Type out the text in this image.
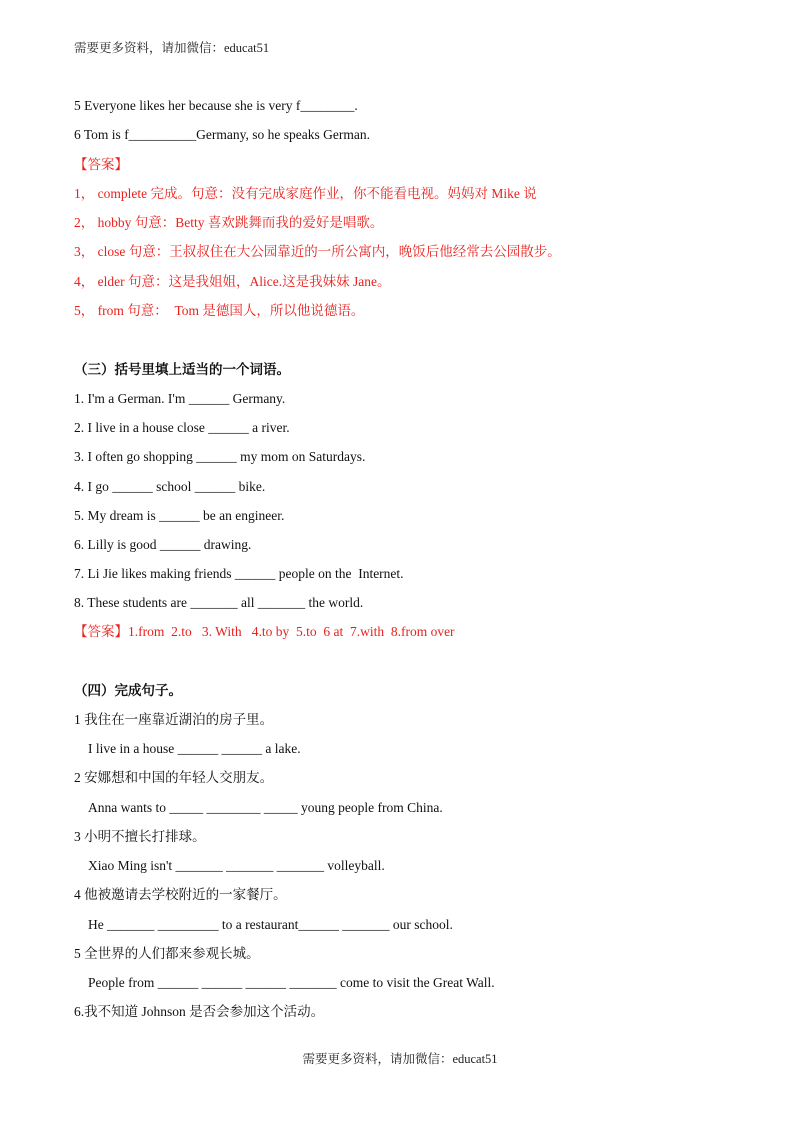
需要更多资料，请加微信：educat51
5 Everyone likes her because she is very f________.
6 Tom is f__________Germany, so he speaks German.
【答案】
1， complete 完成。句意：没有完成家庭作业，你不能看电视。妈妈对 Mike 说
2， hobby 句意：Betty 喜欢跳舞而我的爱好是唱歌。
3， close 句意：王叔叔住在大公园靠近的一所公寓内，晚饭后他经常去公园散步。
4， elder 句意：这是我姐姐，Alice.这是我妹妹 Jane。
5， from 句意：  Tom 是德国人，所以他说德语。
（三）括号里填上适当的一个词语。
1. I'm a German. I'm ______ Germany.
2. I live in a house close ______ a river.
3. I often go shopping ______ my mom on Saturdays.
4. I go ______ school ______ bike.
5. My dream is ______ be an engineer.
6. Lilly is good ______ drawing.
7. Li Jie likes making friends ______ people on the  Internet.
8. These students are _______ all _______ the world.
【答案】1.from  2.to   3. With   4.to by  5.to  6 at  7.with  8.from over
（四）完成句子。
1 我住在一座靠近湖泊的房子里。
I live in a house ______ ______ a lake.
2 安娜想和中国的年轻人交朋友。
Anna wants to _____ ________ _____ young people from China.
3 小明不擅长打排球。
Xiao Ming isn't _______ _______ _______ volleyball.
4 他被邀请去学校附近的一家餐厅。
He _______ _________ to a restaurant______ _______ our school.
5 全世界的人们都来参观长城。
People from ______ ______ ______ _______ come to visit the Great Wall.
6.我不知道 Johnson 是否会参加这个活动。
需要更多资料，请加微信：educat51
